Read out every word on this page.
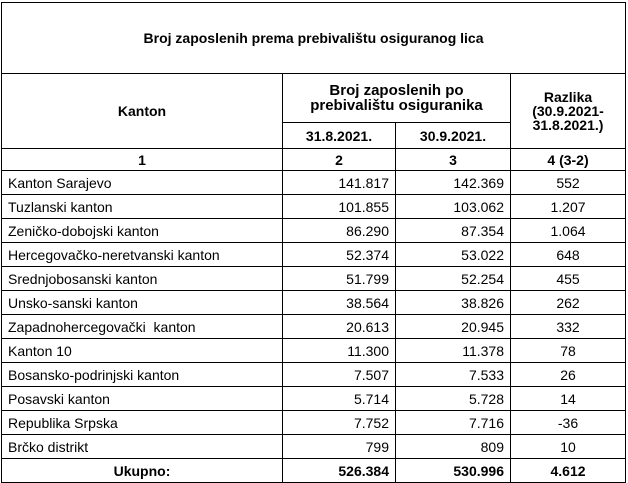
Broj zaposlenih prema prebivalištu osiguranog lica			
Kanton	Broj zaposlenih po prebivalištu osiguranika		Razlika (30.9.2021-31.8.2021.)
	31.8.2021.	30.9.2021.	
1	2	3	4 (3-2)
Kanton Sarajevo	141.817	142.369	552
Tuzlanski kanton	101.855	103.062	1.207
Zeničko-dobojski kanton	86.290	87.354	1.064
Hercegovačko-neretvanski kanton	52.374	53.022	648
Srednjobosanski kanton	51.799	52.254	455
Unsko-sanski kanton	38.564	38.826	262
Zapadnohercegovački  kanton	20.613	20.945	332
Kanton 10	11.300	11.378	78
Bosansko-podrinjski kanton	7.507	7.533	26
Posavski kanton	5.714	5.728	14
Republika Srpska	7.752	7.716	-36
Brčko distrikt	799	809	10
Ukupno:	526.384	530.996	4.612
